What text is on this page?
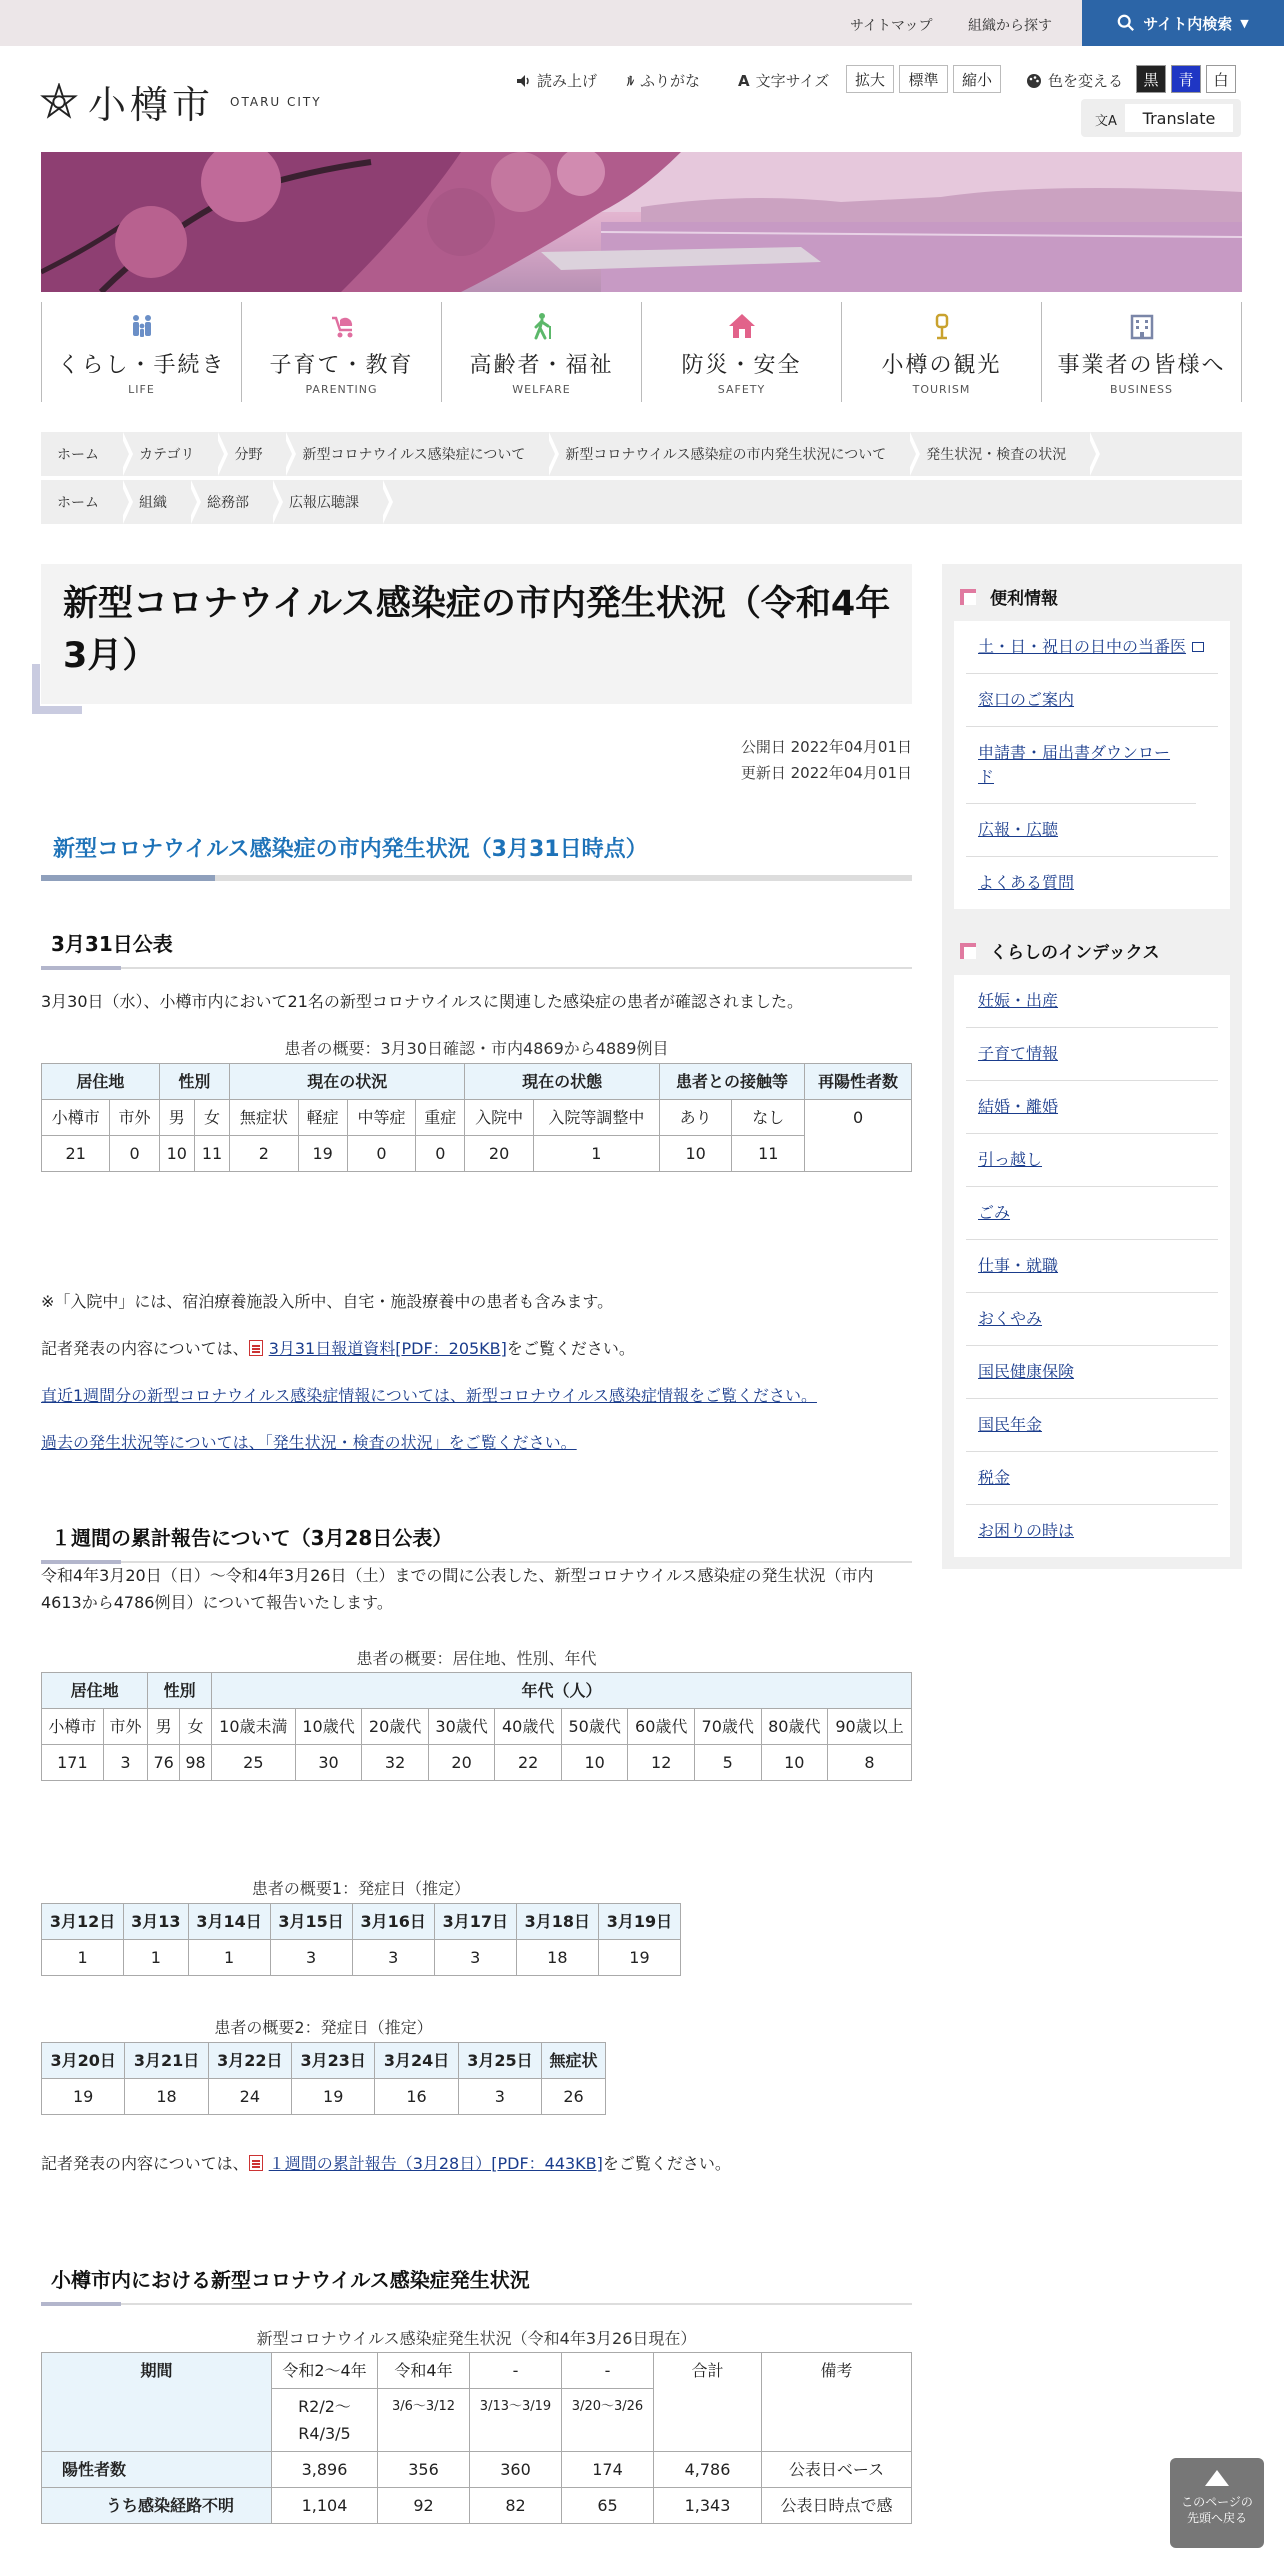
サイトマップ	組織から探す	サイト内検索 ▼
小樽市 OTARU CITY
読み上げ ﾙ ふりがな	A 文字サイズ	拡大	標準	縮小	色を変える	黒	青	白
文A	Translate
くらし・手続き
LIFE
子育て・教育
PARENTING
高齢者・福祉
WELFARE
防災・安全
SAFETY
小樽の観光
TOURISM
事業者の皆様へ
BUSINESS
ホーム	カテゴリ	分野	新型コロナウイルス感染症について	新型コロナウイルス感染症の市内発生状況について	発生状況・検査の状況
ホーム	組織	総務部	広報広聴課
新型コロナウイルス感染症の市内発生状況（令和4年3月）
公開日 2022年04月01日
更新日 2022年04月01日
新型コロナウイルス感染症の市内発生状況（3月31日時点）
3月31日公表
3月30日（水）、小樽市内において21名の新型コロナウイルスに関連した感染症の患者が確認されました。
患者の概要：3月30日確認・市内4869から4889例目
居住地		性別		現在の状況				現在の状態		患者との接触等		再陽性者数
小樽市	市外	男	女	無症状	軽症	中等症	重症	入院中	入院等調整中	あり	なし	0
21	0	10	11	2	19	0	0	20	1	10	11	
※「入院中」には、宿泊療養施設入所中、自宅・施設療養中の患者も含みます。
記者発表の内容については、 3月31日報道資料[PDF：205KB]をご覧ください。
直近1週間分の新型コロナウイルス感染症情報については、新型コロナウイルス感染症情報をご覧ください。
過去の発生状況等については、「発生状況・検査の状況」をご覧ください。
１週間の累計報告について（3月28日公表）
令和4年3月20日（日）～令和4年3月26日（土）までの間に公表した、新型コロナウイルス感染症の発生状況（市内4613から4786例目）について報告いたします。
患者の概要：居住地、性別、年代
居住地		性別		年代（人）									
小樽市	市外	男	女	10歳未満	10歳代	20歳代	30歳代	40歳代	50歳代	60歳代	70歳代	80歳代	90歳以上
171	3	76	98	25	30	32	20	22	10	12	5	10	8
患者の概要1：発症日（推定）
3月12日	3月13	3月14日	3月15日	3月16日	3月17日	3月18日	3月19日
1	1	1	3	3	3	18	19
患者の概要2：発症日（推定）
3月20日	3月21日	3月22日	3月23日	3月24日	3月25日	無症状
19	18	24	19	16	3	26
記者発表の内容については、 １週間の累計報告（3月28日）[PDF：443KB]をご覧ください。
小樽市内における新型コロナウイルス感染症発生状況
新型コロナウイルス感染症発生状況（令和4年3月26日現在）
期間	令和2〜4年	令和4年	-	-	合計	備考
	R2/2〜R4/3/5	3/6〜3/12	3/13〜3/19	3/20〜3/26		
陽性者数	3,896	356	360	174	4,786	公表日ベース
うち感染経路不明	1,104	92	82	65	1,343	公表日時点で感
便利情報
土・日・祝日の日中の当番医
窓口のご案内
申請書・届出書ダウンロード
広報・広聴
よくある質問
くらしのインデックス
妊娠・出産
子育て情報
結婚・離婚
引っ越し
ごみ
仕事・就職
おくやみ
国民健康保険
国民年金
税金
お困りの時は
このページの
先頭へ戻る
